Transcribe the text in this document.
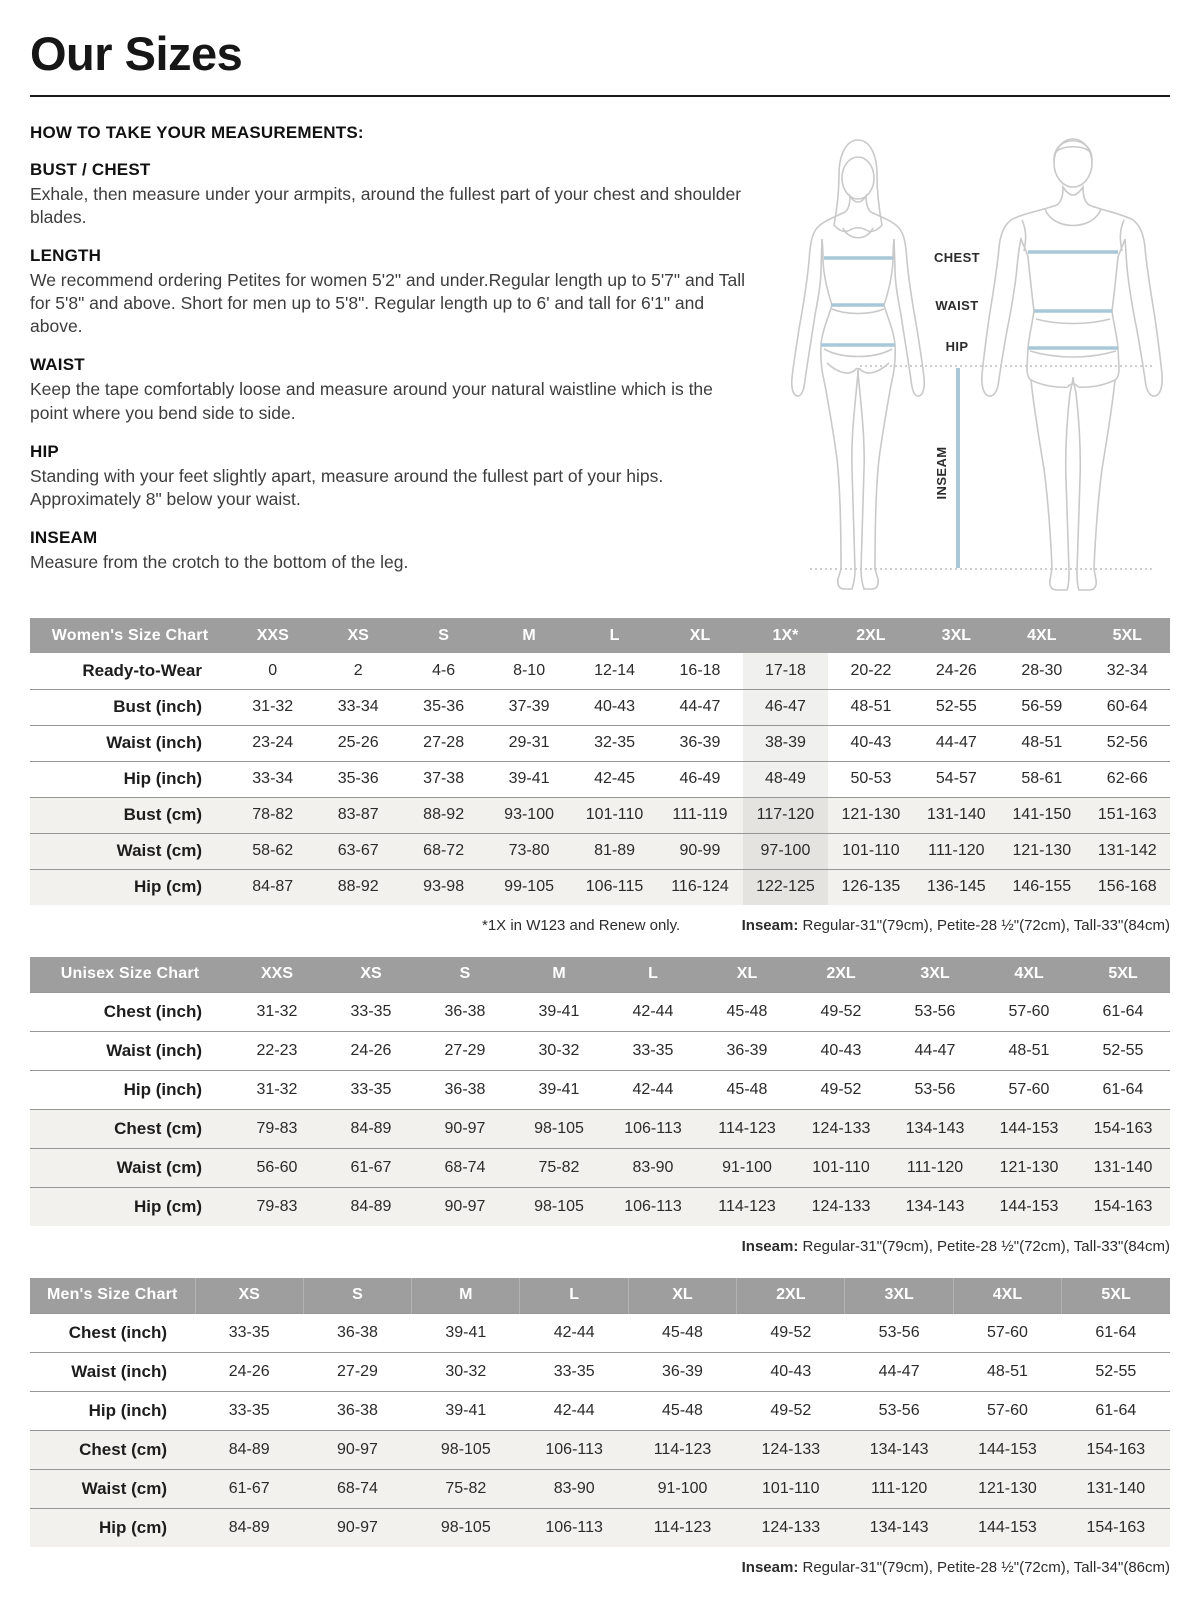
Our Sizes
HOW TO TAKE YOUR MEASUREMENTS:
BUST / CHEST
Exhale, then measure under your armpits, around the fullest part of your chest and shoulder blades.
LENGTH
We recommend ordering Petites for women 5'2" and under.Regular length up to 5'7" and Tall for 5'8" and above. Short for men up to 5'8". Regular length up to 6' and tall for 6'1" and above.
WAIST
Keep the tape comfortably loose and measure around your natural waistline which is the point where you bend side to side.
HIP
Standing with your feet slightly apart, measure around the fullest part of your hips. Approximately 8" below your waist.
INSEAM
Measure from the crotch to the bottom of the leg.
CHEST
WAIST
HIP
INSEAM
Women's Size Chart	XXS	XS	S	M	L	XL	1X*	2XL	3XL	4XL	5XL
Ready-to-Wear	0	2	4-6	8-10	12-14	16-18	17-18	20-22	24-26	28-30	32-34
Bust (inch)	31-32	33-34	35-36	37-39	40-43	44-47	46-47	48-51	52-55	56-59	60-64
Waist (inch)	23-24	25-26	27-28	29-31	32-35	36-39	38-39	40-43	44-47	48-51	52-56
Hip (inch)	33-34	35-36	37-38	39-41	42-45	46-49	48-49	50-53	54-57	58-61	62-66
Bust (cm)	78-82	83-87	88-92	93-100	101-110	111-119	117-120	121-130	131-140	141-150	151-163
Waist (cm)	58-62	63-67	68-72	73-80	81-89	90-99	97-100	101-110	111-120	121-130	131-142
Hip (cm)	84-87	88-92	93-98	99-105	106-115	116-124	122-125	126-135	136-145	146-155	156-168
*1X in W123 and Renew only.	Inseam: Regular-31"(79cm), Petite-28 ½"(72cm), Tall-33"(84cm)
Unisex Size Chart	XXS	XS	S	M	L	XL	2XL	3XL	4XL	5XL
Chest (inch)	31-32	33-35	36-38	39-41	42-44	45-48	49-52	53-56	57-60	61-64
Waist (inch)	22-23	24-26	27-29	30-32	33-35	36-39	40-43	44-47	48-51	52-55
Hip (inch)	31-32	33-35	36-38	39-41	42-44	45-48	49-52	53-56	57-60	61-64
Chest (cm)	79-83	84-89	90-97	98-105	106-113	114-123	124-133	134-143	144-153	154-163
Waist (cm)	56-60	61-67	68-74	75-82	83-90	91-100	101-110	111-120	121-130	131-140
Hip (cm)	79-83	84-89	90-97	98-105	106-113	114-123	124-133	134-143	144-153	154-163
Inseam: Regular-31"(79cm), Petite-28 ½"(72cm), Tall-33"(84cm)
Men's Size Chart	XS	S	M	L	XL	2XL	3XL	4XL	5XL
Chest (inch)	33-35	36-38	39-41	42-44	45-48	49-52	53-56	57-60	61-64
Waist (inch)	24-26	27-29	30-32	33-35	36-39	40-43	44-47	48-51	52-55
Hip (inch)	33-35	36-38	39-41	42-44	45-48	49-52	53-56	57-60	61-64
Chest (cm)	84-89	90-97	98-105	106-113	114-123	124-133	134-143	144-153	154-163
Waist (cm)	61-67	68-74	75-82	83-90	91-100	101-110	111-120	121-130	131-140
Hip (cm)	84-89	90-97	98-105	106-113	114-123	124-133	134-143	144-153	154-163
Inseam: Regular-31"(79cm), Petite-28 ½"(72cm), Tall-34"(86cm)
